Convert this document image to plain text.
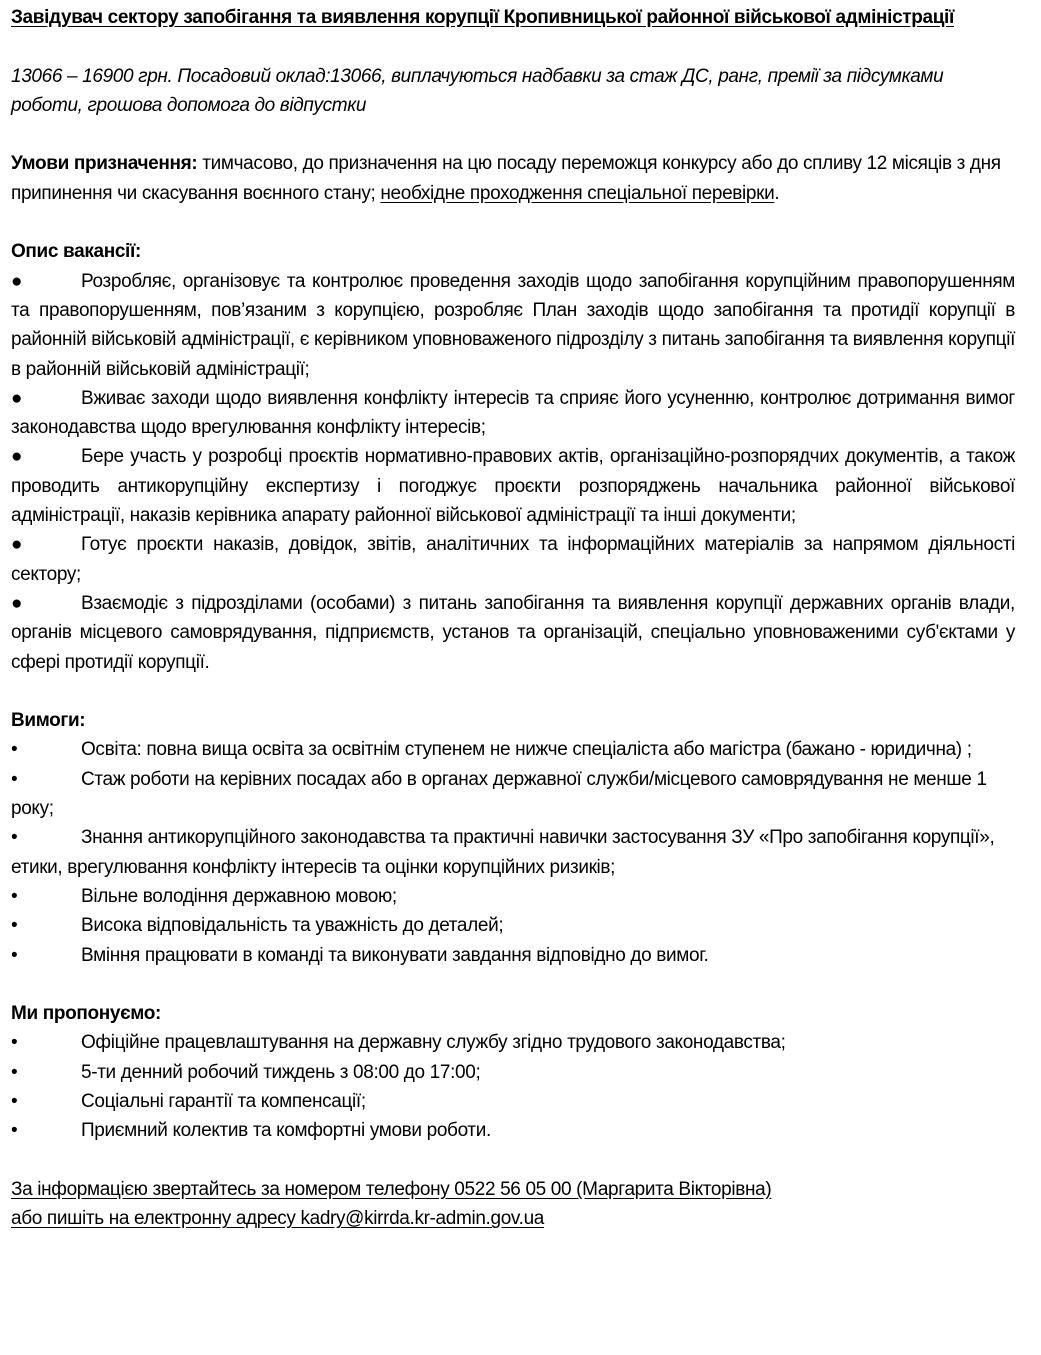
Завідувач сектору запобігання та виявлення корупції Кропивницької районної військової адміністрації
13066 – 16900 грн. Посадовий оклад:13066, виплачуються надбавки за стаж ДС, ранг, премії за підсумками роботи, грошова допомога до відпустки
Умови призначення: тимчасово, до призначення на цю посаду переможця конкурсу або до спливу 12 місяців з дня припинення чи скасування воєнного стану; необхідне проходження спеціальної перевірки.
Опис вакансії:
●	Розробляє, організовує та контролює проведення заходів щодо запобігання корупційним правопорушенням та правопорушенням, пов’язаним з корупцією, розробляє План заходів щодо запобігання та протидії корупції в районній військовій адміністрації, є керівником уповноваженого підрозділу з питань запобігання та виявлення корупції в районній військовій адміністрації;
●	Вживає заходи щодо виявлення конфлікту інтересів та сприяє його усуненню, контролює дотримання вимог законодавства щодо врегулювання конфлікту інтересів;
●	Бере участь у розробці проєктів нормативно-правових актів, організаційно-розпорядчих документів, а також проводить антикорупційну експертизу і погоджує проєкти розпоряджень начальника районної військової адміністрації, наказів керівника апарату районної військової адміністрації та інші документи;
●	Готує проєкти наказів, довідок, звітів, аналітичних та інформаційних матеріалів за напрямом діяльності сектору;
●	Взаємодіє з підрозділами (особами) з питань запобігання та виявлення корупції державних органів влади, органів місцевого самоврядування, підприємств, установ та організацій, спеціально уповноваженими суб'єктами у сфері протидії корупції.
Вимоги:
•	Освіта: повна вища освіта за освітнім ступенем не нижче спеціаліста або магістра (бажано - юридична) ;
•	Стаж роботи на керівних посадах або в органах державної служби/місцевого самоврядування не менше 1 року;
•	Знання антикорупційного законодавства та практичні навички застосування ЗУ «Про запобігання корупції», етики, врегулювання конфлікту інтересів та оцінки корупційних ризиків;
•	Вільне володіння державною мовою;
•	Висока відповідальність та уважність до деталей;
•	Вміння працювати в команді та виконувати завдання відповідно до вимог.
Ми пропонуємо:
•	Офіційне працевлаштування на державну службу згідно трудового законодавства;
•	5-ти денний робочий тиждень з 08:00 до 17:00;
•	Соціальні гарантії та компенсації;
•	Приємний колектив та комфортні умови роботи.
За інформацією звертайтесь за номером телефону 0522 56 05 00 (Маргарита Вікторівна)
або пишіть на електронну адресу kadry@kirrda.kr-admin.gov.ua
